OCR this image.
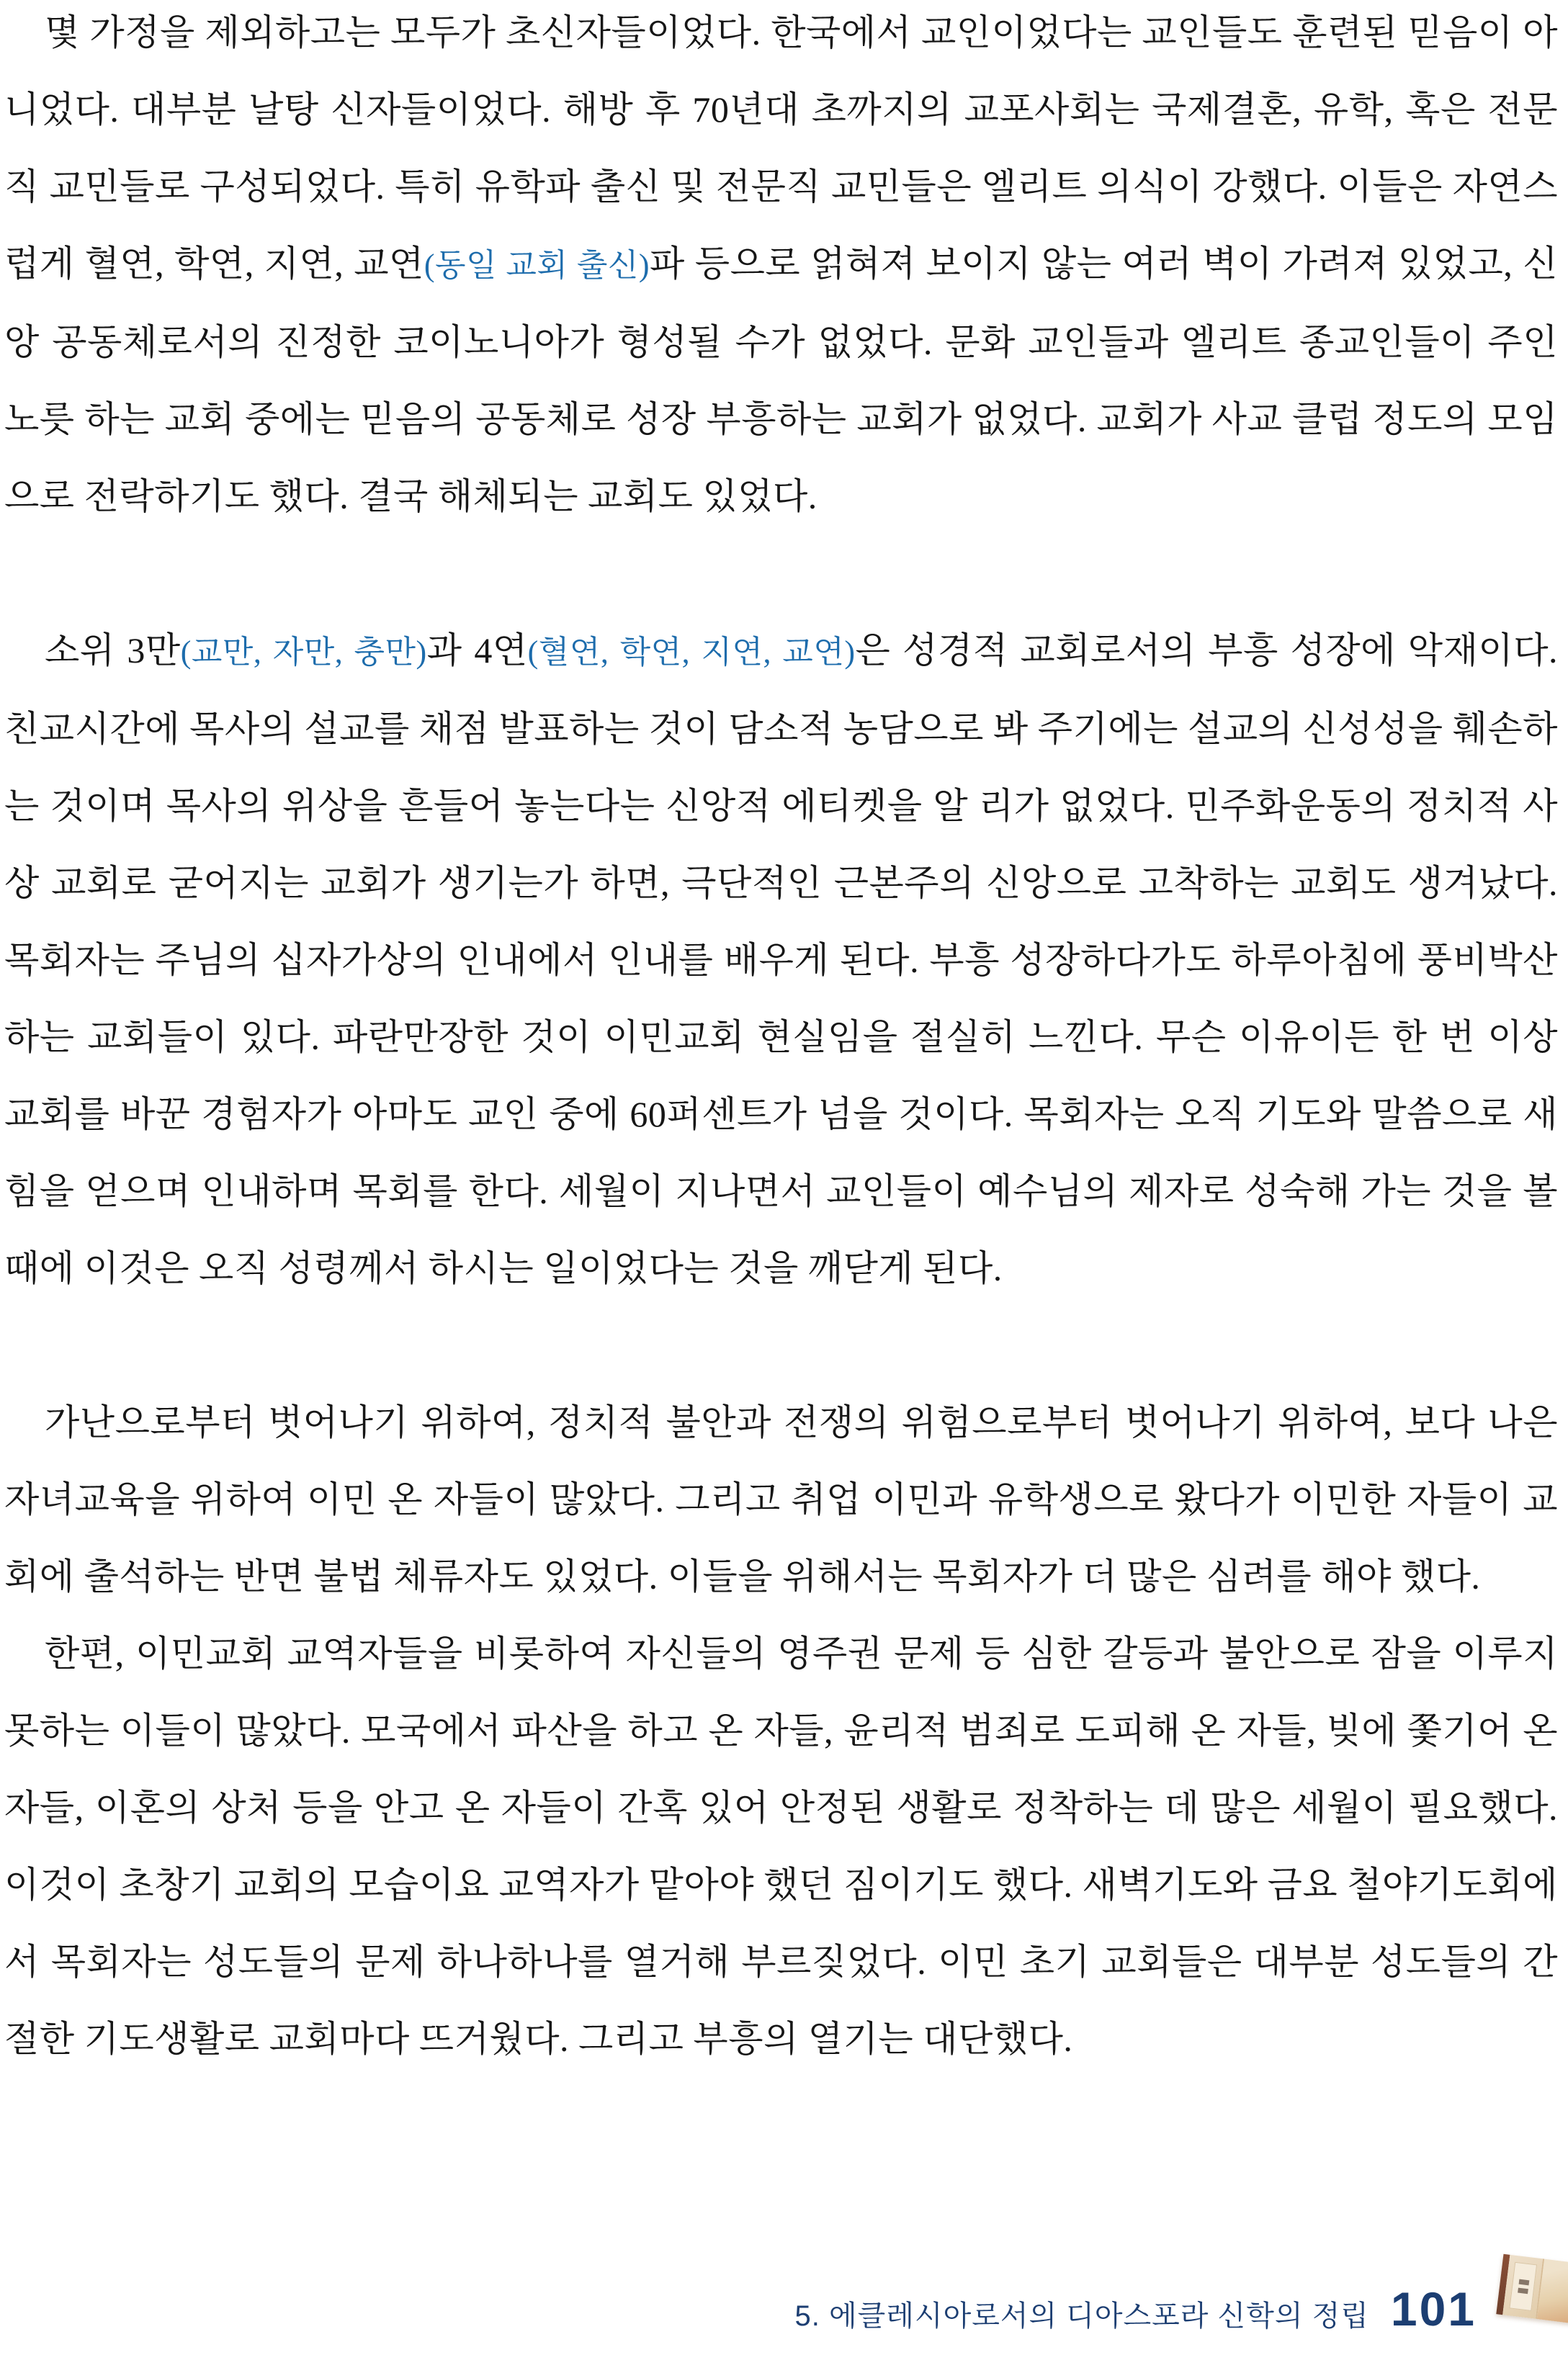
몇 가정을 제외하고는 모두가 초신자들이었다. 한국에서 교인이었다는 교인들도 훈련된 믿음이 아니었다. 대부분 날탕 신자들이었다. 해방 후 70년대 초까지의 교포사회는 국제결혼, 유학, 혹은 전문직 교민들로 구성되었다. 특히 유학파 출신 및 전문직 교민들은 엘리트 의식이 강했다. 이들은 자연스럽게 혈연, 학연, 지연, 교연(동일 교회 출신)파 등으로 얽혀져 보이지 않는 여러 벽이 가려져 있었고, 신앙 공동체로서의 진정한 코이노니아가 형성될 수가 없었다. 문화 교인들과 엘리트 종교인들이 주인 노릇 하는 교회 중에는 믿음의 공동체로 성장 부흥하는 교회가 없었다. 교회가 사교 클럽 정도의 모임으로 전락하기도 했다. 결국 해체되는 교회도 있었다.

소위 3만(교만, 자만, 충만)과 4연(혈연, 학연, 지연, 교연)은 성경적 교회로서의 부흥 성장에 악재이다. 친교시간에 목사의 설교를 채점 발표하는 것이 담소적 농담으로 봐 주기에는 설교의 신성성을 훼손하는 것이며 목사의 위상을 흔들어 놓는다는 신앙적 에티켓을 알 리가 없었다. 민주화운동의 정치적 사상 교회로 굳어지는 교회가 생기는가 하면, 극단적인 근본주의 신앙으로 고착하는 교회도 생겨났다. 목회자는 주님의 십자가상의 인내에서 인내를 배우게 된다. 부흥 성장하다가도 하루아침에 풍비박산하는 교회들이 있다. 파란만장한 것이 이민교회 현실임을 절실히 느낀다. 무슨 이유이든 한 번 이상 교회를 바꾼 경험자가 아마도 교인 중에 60퍼센트가 넘을 것이다. 목회자는 오직 기도와 말씀으로 새 힘을 얻으며 인내하며 목회를 한다. 세월이 지나면서 교인들이 예수님의 제자로 성숙해 가는 것을 볼 때에 이것은 오직 성령께서 하시는 일이었다는 것을 깨닫게 된다.

가난으로부터 벗어나기 위하여, 정치적 불안과 전쟁의 위험으로부터 벗어나기 위하여, 보다 나은 자녀교육을 위하여 이민 온 자들이 많았다. 그리고 취업 이민과 유학생으로 왔다가 이민한 자들이 교회에 출석하는 반면 불법 체류자도 있었다. 이들을 위해서는 목회자가 더 많은 심려를 해야 했다.

한편, 이민교회 교역자들을 비롯하여 자신들의 영주권 문제 등 심한 갈등과 불안으로 잠을 이루지 못하는 이들이 많았다. 모국에서 파산을 하고 온 자들, 윤리적 범죄로 도피해 온 자들, 빚에 쫓기어 온 자들, 이혼의 상처 등을 안고 온 자들이 간혹 있어 안정된 생활로 정착하는 데 많은 세월이 필요했다. 이것이 초창기 교회의 모습이요 교역자가 맡아야 했던 짐이기도 했다. 새벽기도와 금요 철야기도회에서 목회자는 성도들의 문제 하나하나를 열거해 부르짖었다. 이민 초기 교회들은 대부분 성도들의 간절한 기도생활로 교회마다 뜨거웠다. 그리고 부흥의 열기는 대단했다.

5. 에클레시아로서의 디아스포라 신학의 정립 101
